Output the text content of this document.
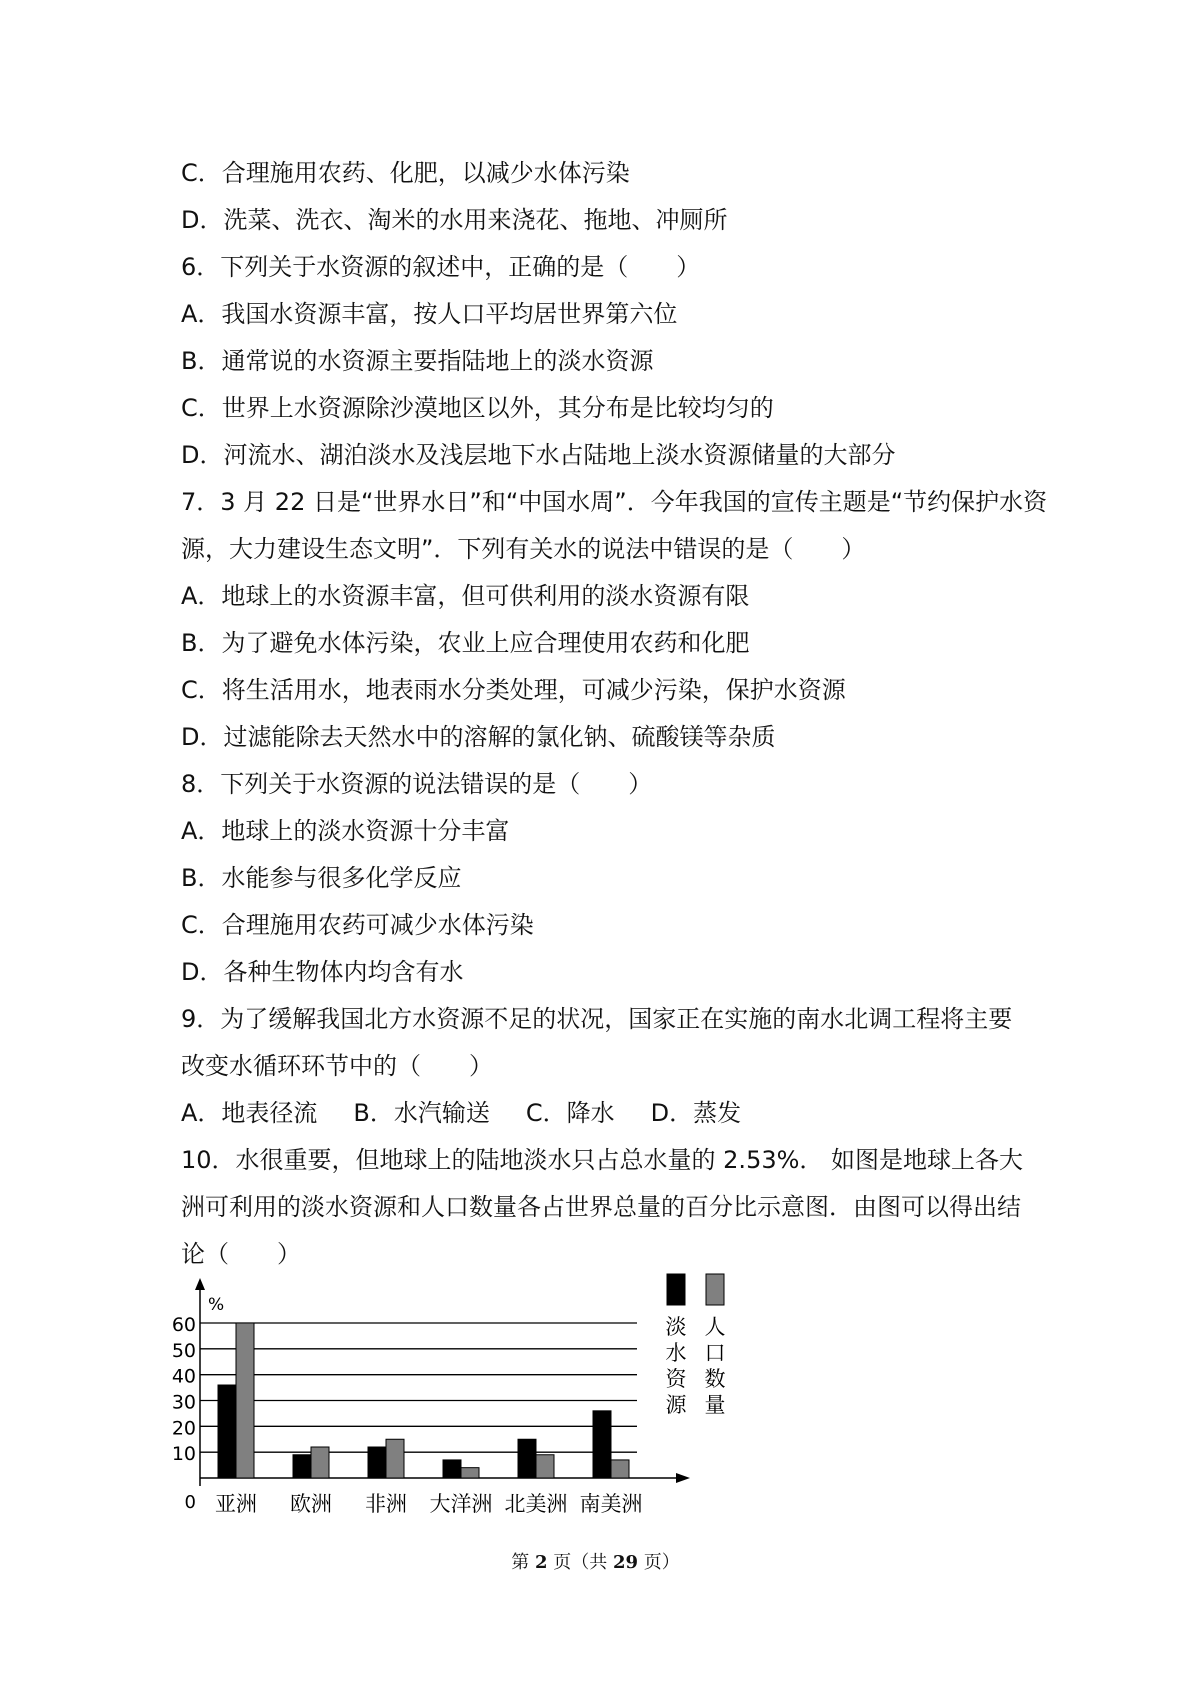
C．合理施用农药、化肥，以减少水体污染
D．洗菜、洗衣、淘米的水用来浇花、拖地、冲厕所
6．下列关于水资源的叙述中，正确的是（　　）
A．我国水资源丰富，按人口平均居世界第六位
B．通常说的水资源主要指陆地上的淡水资源
C．世界上水资源除沙漠地区以外，其分布是比较均匀的
D．河流水、湖泊淡水及浅层地下水占陆地上淡水资源储量的大部分
7．3 月 22 日是“世界水日”和“中国水周”．今年我国的宣传主题是“节约保护水资
源，大力建设生态文明”．下列有关水的说法中错误的是（　　）
A．地球上的水资源丰富，但可供利用的淡水资源有限
B．为了避免水体污染，农业上应合理使用农药和化肥
C．将生活用水，地表雨水分类处理，可减少污染，保护水资源
D．过滤能除去天然水中的溶解的氯化钠、硫酸镁等杂质
8．下列关于水资源的说法错误的是（　　）
A．地球上的淡水资源十分丰富
B．水能参与很多化学反应
C．合理施用农药可减少水体污染
D．各种生物体内均含有水
9．为了缓解我国北方水资源不足的状况，国家正在实施的南水北调工程将主要
改变水循环环节中的（　　）
A．地表径流 B．水汽输送 C．降水 D．蒸发
10．水很重要，但地球上的陆地淡水只占总水量的 2.53%． 如图是地球上各大
洲可利用的淡水资源和人口数量各占世界总量的百分比示意图．由图可以得出结
论（　　）
10
20
30
40
50
60
%
0 亚洲 欧洲 非洲 大洋洲 北美洲 南美洲
淡水资源
人口数量
第 2 页（共 29 页）
